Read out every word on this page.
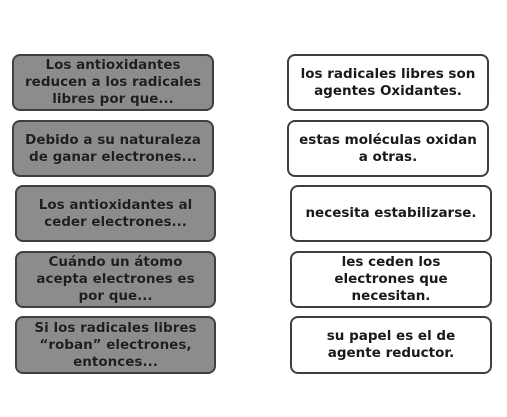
Los antioxidantes
reducen a los radicales
libres por que...
Debido a su naturaleza
de ganar electrones...
Los antioxidantes al
ceder electrones...
Cuándo un átomo
acepta electrones es
por que...
Si los radicales libres
“roban” electrones,
entonces...
los radicales libres son
agentes Oxidantes.
estas moléculas oxidan
a otras.
necesita estabilizarse.
les ceden los
electrones que
necesitan.
su papel es el de
agente reductor.
